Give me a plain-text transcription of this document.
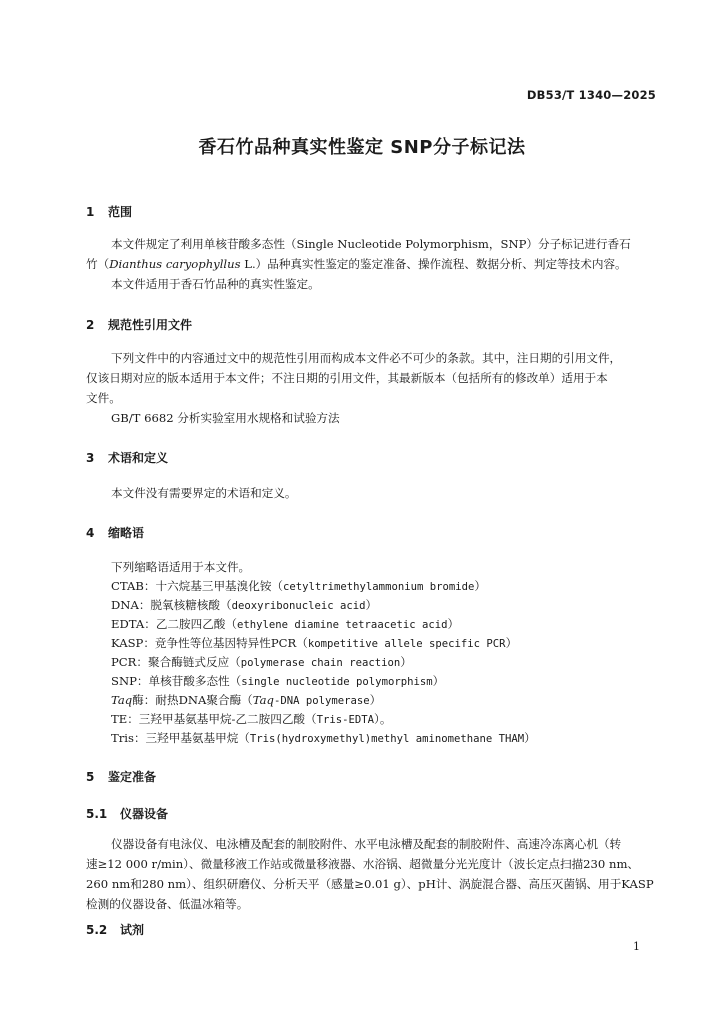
DB53/T 1340—2025
香石竹品种真实性鉴定 SNP分子标记法
1 范围
本文件规定了利用单核苷酸多态性（Single Nucleotide Polymorphism，SNP）分子标记进行香石
竹（Dianthus caryophyllus L.）品种真实性鉴定的鉴定准备、操作流程、数据分析、判定等技术内容。
本文件适用于香石竹品种的真实性鉴定。
2 规范性引用文件
下列文件中的内容通过文中的规范性引用而构成本文件必不可少的条款。其中，注日期的引用文件，
仅该日期对应的版本适用于本文件；不注日期的引用文件，其最新版本（包括所有的修改单）适用于本
文件。
GB/T 6682 分析实验室用水规格和试验方法
3 术语和定义
本文件没有需要界定的术语和定义。
4 缩略语
下列缩略语适用于本文件。
CTAB：十六烷基三甲基溴化铵（cetyltrimethylammonium bromide）
DNA：脱氧核糖核酸（deoxyribonucleic acid）
EDTA：乙二胺四乙酸（ethylene diamine tetraacetic acid）
KASP：竞争性等位基因特异性PCR（kompetitive allele specific PCR）
PCR：聚合酶链式反应（polymerase chain reaction）
SNP：单核苷酸多态性（single nucleotide polymorphism）
Taq酶：耐热DNA聚合酶（Taq-DNA polymerase）
TE：三羟甲基氨基甲烷-乙二胺四乙酸（Tris-EDTA）。
Tris：三羟甲基氨基甲烷（Tris(hydroxymethyl)methyl aminomethane THAM）
5 鉴定准备
5.1 仪器设备
仪器设备有电泳仪、电泳槽及配套的制胶附件、水平电泳槽及配套的制胶附件、高速冷冻离心机（转
速≥12 000 r/min）、微量移液工作站或微量移液器、水浴锅、超微量分光光度计（波长定点扫描230 nm、
260 nm和280 nm）、组织研磨仪、分析天平（感量≥0.01 g）、pH计、涡旋混合器、高压灭菌锅、用于KASP
检测的仪器设备、低温冰箱等。
5.2 试剂
1
